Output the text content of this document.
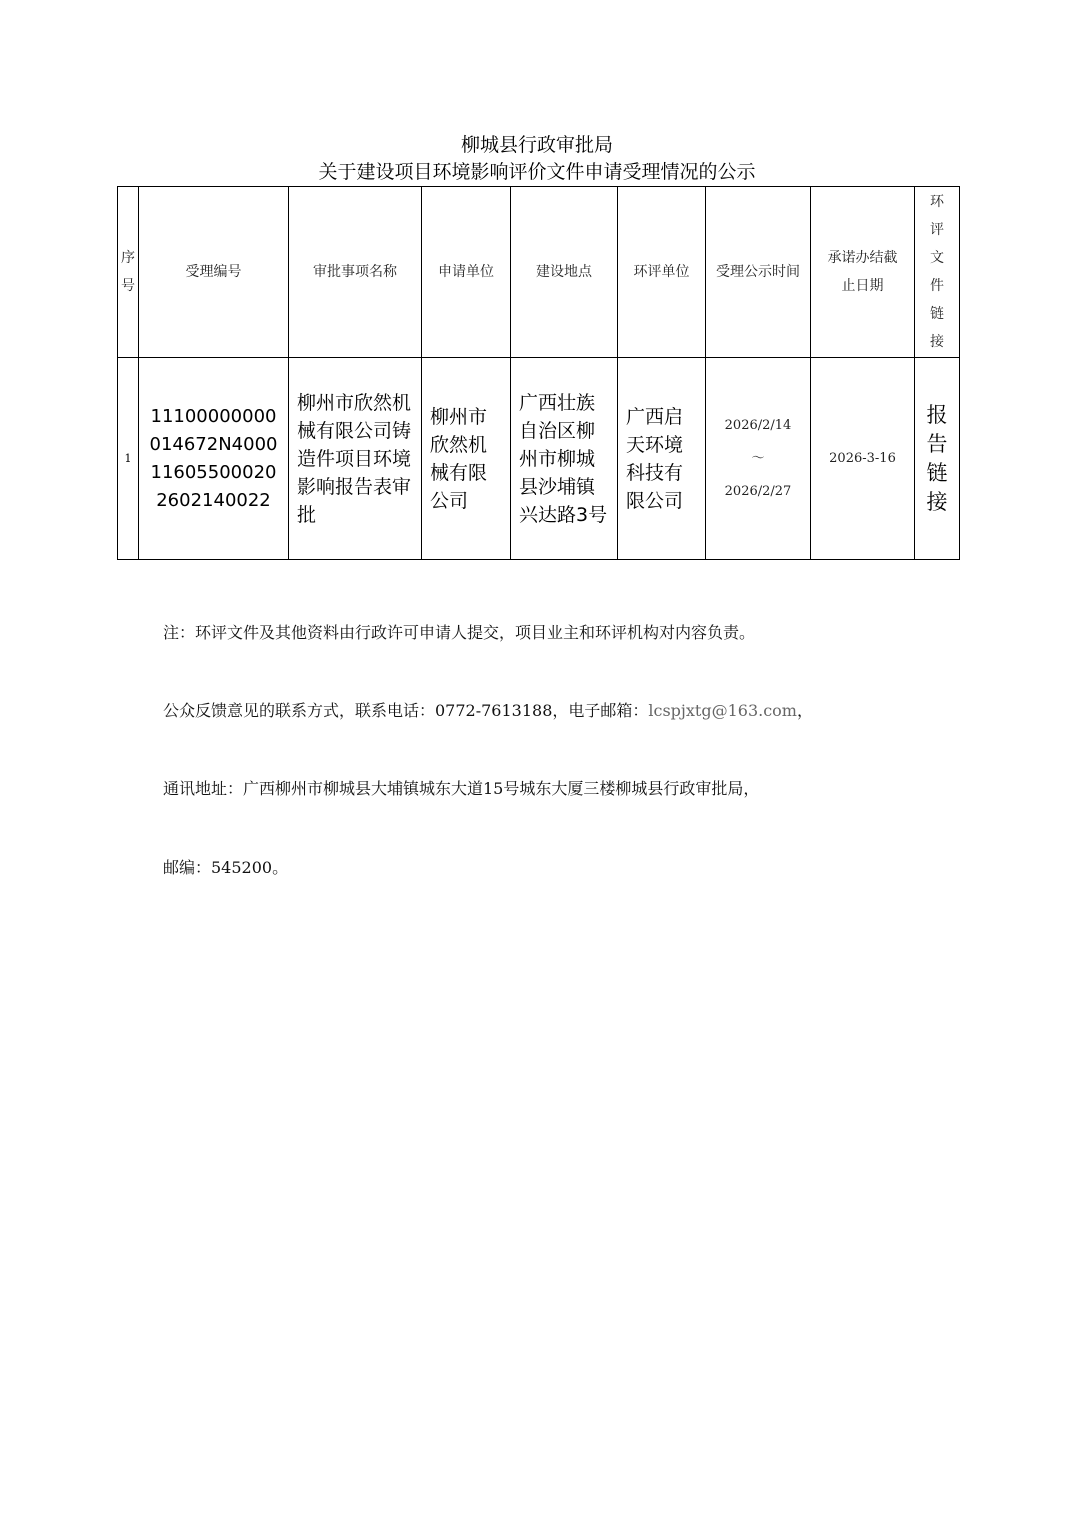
柳城县行政审批局
关于建设项目环境影响评价文件申请受理情况的公示
序号	受理编号	审批事项名称	申请单位	建设地点	环评单位	受理公示时间	承诺办结截止日期	环评文件链接
1	11100000000014672N400011605500020 2602140022	柳州市欣然机械有限公司铸造件项目环境影响报告表审批	柳州市欣然机械有限公司	广西壮族自治区柳州市柳城县沙埔镇兴达路3号	广西启天环境科技有限公司	2026/2/14
～
2026/2/27	2026-3-16	报告链接
注：环评文件及其他资料由行政许可申请人提交，项目业主和环评机构对内容负责。
公众反馈意见的联系方式，联系电话：0772-7613188，电子邮箱：lcspjxtg@163.com，
通讯地址：广西柳州市柳城县大埔镇城东大道15号城东大厦三楼柳城县行政审批局，
邮编：545200。
